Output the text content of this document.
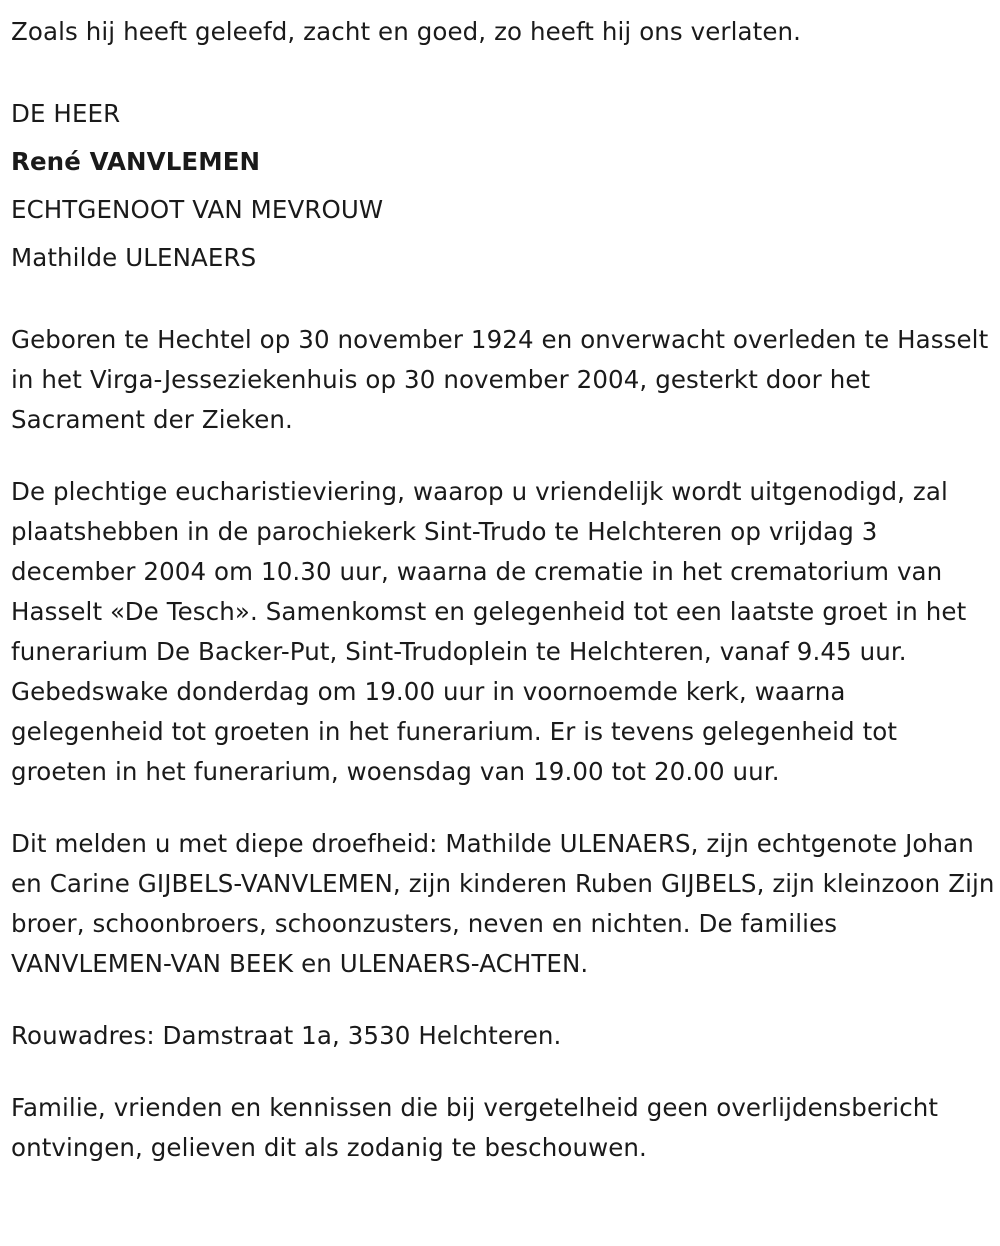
Zoals hij heeft geleefd, zacht en goed, zo heeft hij ons verlaten.
DE HEER
René VANVLEMEN
ECHTGENOOT VAN MEVROUW
Mathilde ULENAERS
Geboren te Hechtel op 30 november 1924 en onverwacht overleden te Hasselt in het Virga-Jesseziekenhuis op 30 november 2004, gesterkt door het Sacrament der Zieken.
De plechtige eucharistieviering, waarop u vriendelijk wordt uitgenodigd, zal plaatshebben in de parochiekerk Sint-Trudo te Helchteren op vrijdag 3 december 2004 om 10.30 uur, waarna de crematie in het crematorium van Hasselt «De Tesch». Samenkomst en gelegenheid tot een laatste groet in het funerarium De Backer-Put, Sint-Trudoplein te Helchteren, vanaf 9.45 uur. Gebedswake donderdag om 19.00 uur in voornoemde kerk, waarna gelegenheid tot groeten in het funerarium. Er is tevens gelegenheid tot groeten in het funerarium, woensdag van 19.00 tot 20.00 uur.
Dit melden u met diepe droefheid: Mathilde ULENAERS, zijn echtgenote Johan en Carine GIJBELS-VANVLEMEN, zijn kinderen Ruben GIJBELS, zijn kleinzoon Zijn broer, schoonbroers, schoonzusters, neven en nichten. De families VANVLEMEN-VAN BEEK en ULENAERS-ACHTEN.
Rouwadres: Damstraat 1a, 3530 Helchteren.
Familie, vrienden en kennissen die bij vergetelheid geen overlijdensbericht ontvingen, gelieven dit als zodanig te beschouwen.
